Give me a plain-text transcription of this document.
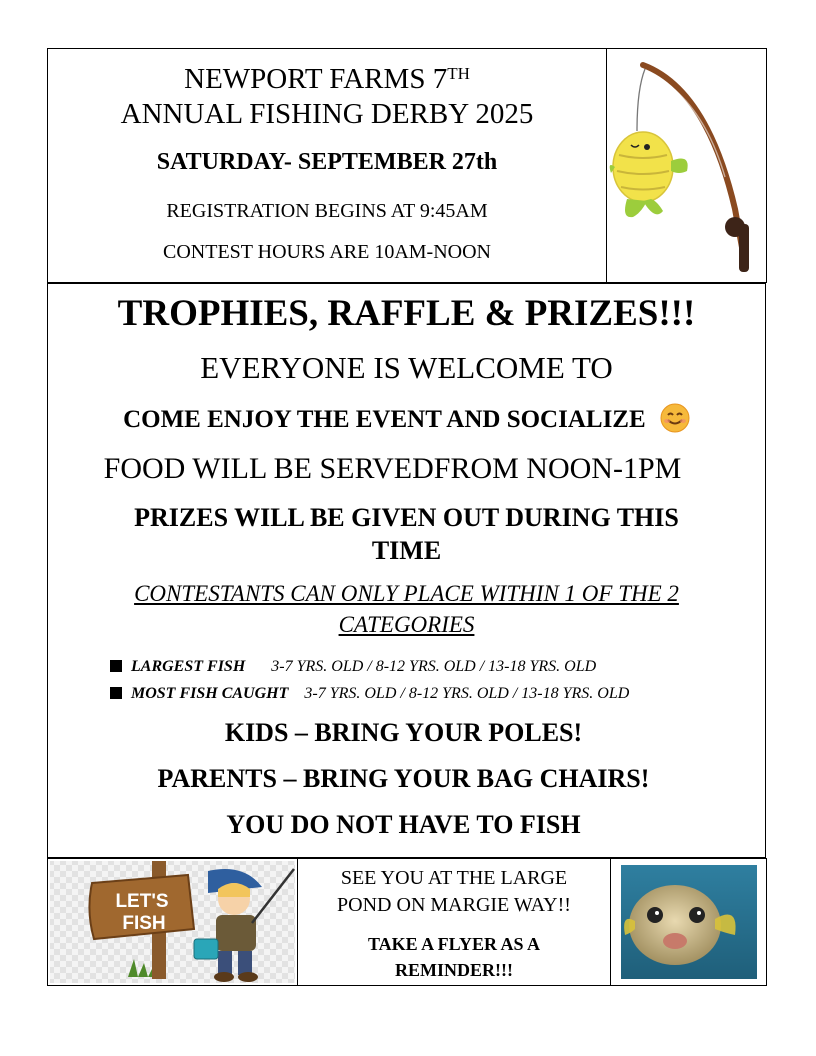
NEWPORT FARMS 7TH
ANNUAL FISHING DERBY 2025
SATURDAY- SEPTEMBER 27th
REGISTRATION BEGINS AT 9:45AM
CONTEST HOURS ARE 10AM-NOON
TROPHIES, RAFFLE & PRIZES!!!
EVERYONE IS WELCOME TO
COME ENJOY THE EVENT AND SOCIALIZE
FOOD WILL BE SERVEDFROM NOON-1PM
PRIZES WILL BE GIVEN OUT DURING THIS
TIME
CONTESTANTS CAN ONLY PLACE WITHIN 1 OF THE 2
CATEGORIES
LARGEST FISH 3-7 YRS. OLD / 8-12 YRS. OLD / 13-18 YRS. OLD
MOST FISH CAUGHT 3-7 YRS. OLD / 8-12 YRS. OLD / 13-18 YRS. OLD
KIDS – BRING YOUR POLES!
PARENTS – BRING YOUR BAG CHAIRS!
YOU DO NOT HAVE TO FISH
LET'S
FISH
SEE YOU AT THE LARGE
POND ON MARGIE WAY!!
TAKE A FLYER AS A
REMINDER!!!
